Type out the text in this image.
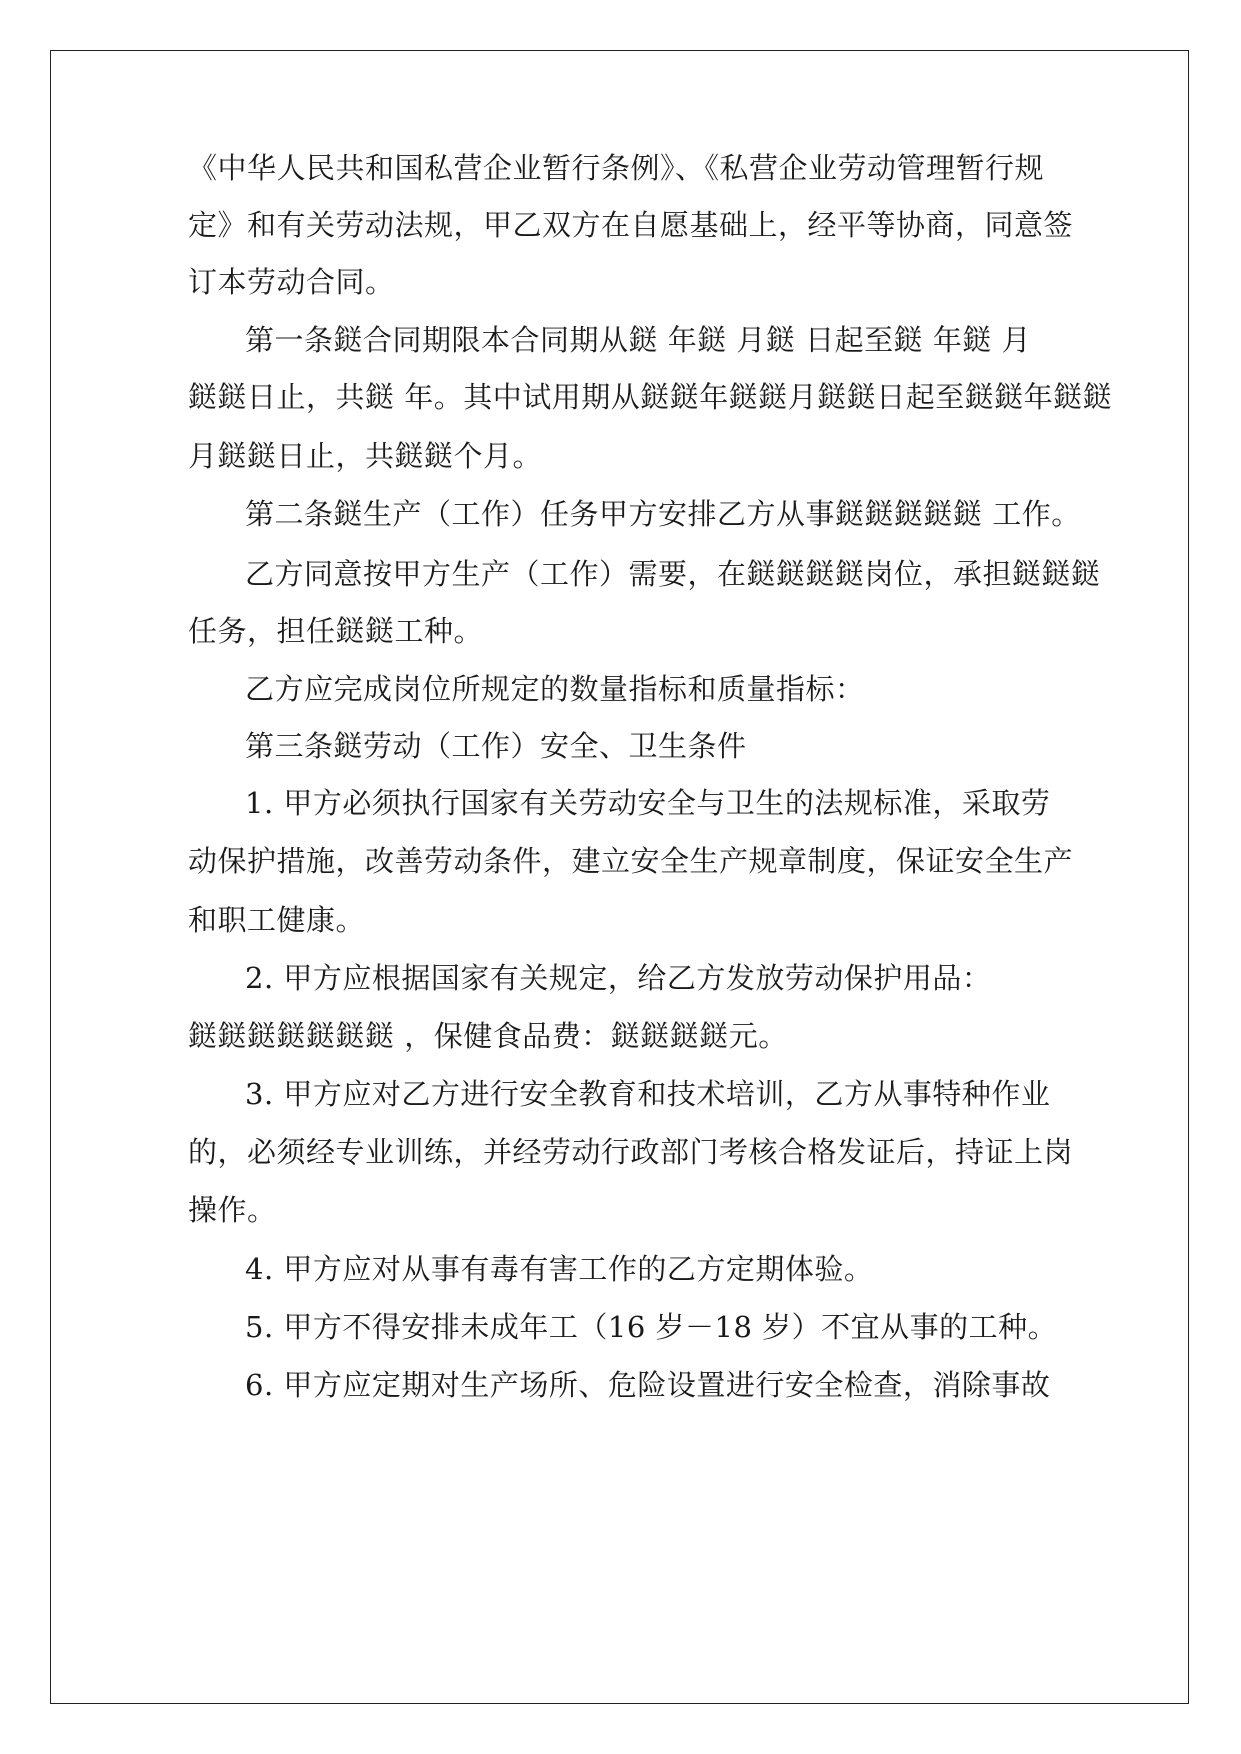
《中华人民共和国私营企业暂行条例》、《私营企业劳动管理暂行规
定》和有关劳动法规，甲乙双方在自愿基础上，经平等协商，同意签
订本劳动合同。
第一条鎹合同期限本合同期从鎹 年鎹 月鎹 日起至鎹 年鎹 月
鎹鎹日止，共鎹 年。其中试用期从鎹鎹年鎹鎹月鎹鎹日起至鎹鎹年鎹鎹
月鎹鎹日止，共鎹鎹个月。
第二条鎹生产（工作）任务甲方安排乙方从事鎹鎹鎹鎹鎹 工作。
乙方同意按甲方生产（工作）需要，在鎹鎹鎹鎹岗位，承担鎹鎹鎹
任务，担任鎹鎹工种。
乙方应完成岗位所规定的数量指标和质量指标：
第三条鎹劳动（工作）安全、卫生条件
1. 甲方必须执行国家有关劳动安全与卫生的法规标准，采取劳
动保护措施，改善劳动条件，建立安全生产规章制度，保证安全生产
和职工健康。
2. 甲方应根据国家有关规定，给乙方发放劳动保护用品：
鎹鎹鎹鎹鎹鎹鎹 ，保健食品费：鎹鎹鎹鎹元。
3. 甲方应对乙方进行安全教育和技术培训，乙方从事特种作业
的，必须经专业训练，并经劳动行政部门考核合格发证后，持证上岗
操作。
4. 甲方应对从事有毒有害工作的乙方定期体验。
5. 甲方不得安排未成年工（16 岁－18 岁）不宜从事的工种。
6. 甲方应定期对生产场所、危险设置进行安全检查，消除事故
